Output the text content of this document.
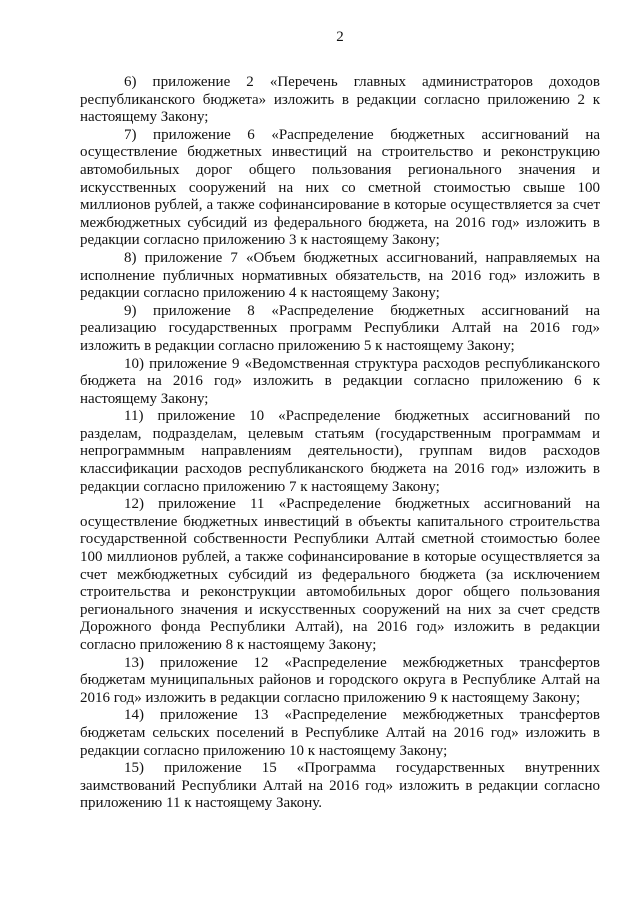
2

6) приложение 2 «Перечень главных администраторов доходов республиканского бюджета» изложить в редакции согласно приложению 2 к настоящему Закону;

7) приложение 6 «Распределение бюджетных ассигнований на осуществление бюджетных инвестиций на строительство и реконструкцию автомобильных дорог общего пользования регионального значения и искусственных сооружений на них со сметной стоимостью свыше 100 миллионов рублей, а также софинансирование в которые осуществляется за счет межбюджетных субсидий из федерального бюджета, на 2016 год» изложить в редакции согласно приложению 3 к настоящему Закону;

8) приложение 7 «Объем бюджетных ассигнований, направляемых на исполнение публичных нормативных обязательств, на 2016 год» изложить в редакции согласно приложению 4 к настоящему Закону;

9) приложение 8 «Распределение бюджетных ассигнований на реализацию государственных программ Республики Алтай на 2016 год» изложить в редакции согласно приложению 5 к настоящему Закону;

10) приложение 9 «Ведомственная структура расходов республиканского бюджета на 2016 год» изложить в редакции согласно приложению 6 к настоящему Закону;

11) приложение 10 «Распределение бюджетных ассигнований по разделам, подразделам, целевым статьям (государственным программам и непрограммным направлениям деятельности), группам видов расходов классификации расходов республиканского бюджета на 2016 год» изложить в редакции согласно приложению 7 к настоящему Закону;

12) приложение 11 «Распределение бюджетных ассигнований на осуществление бюджетных инвестиций в объекты капитального строительства государственной собственности Республики Алтай сметной стоимостью более 100 миллионов рублей, а также софинансирование в которые осуществляется за счет межбюджетных субсидий из федерального бюджета (за исключением строительства и реконструкции автомобильных дорог общего пользования регионального значения и искусственных сооружений на них за счет средств Дорожного фонда Республики Алтай), на 2016 год» изложить в редакции согласно приложению 8 к настоящему Закону;

13) приложение 12 «Распределение межбюджетных трансфертов бюджетам муниципальных районов и городского округа в Республике Алтай на 2016 год» изложить в редакции согласно приложению 9 к настоящему Закону;

14) приложение 13 «Распределение межбюджетных трансфертов бюджетам сельских поселений в Республике Алтай на 2016 год» изложить в редакции согласно приложению 10 к настоящему Закону;

15) приложение 15 «Программа государственных внутренних заимствований Республики Алтай на 2016 год» изложить в редакции согласно приложению 11 к настоящему Закону.
